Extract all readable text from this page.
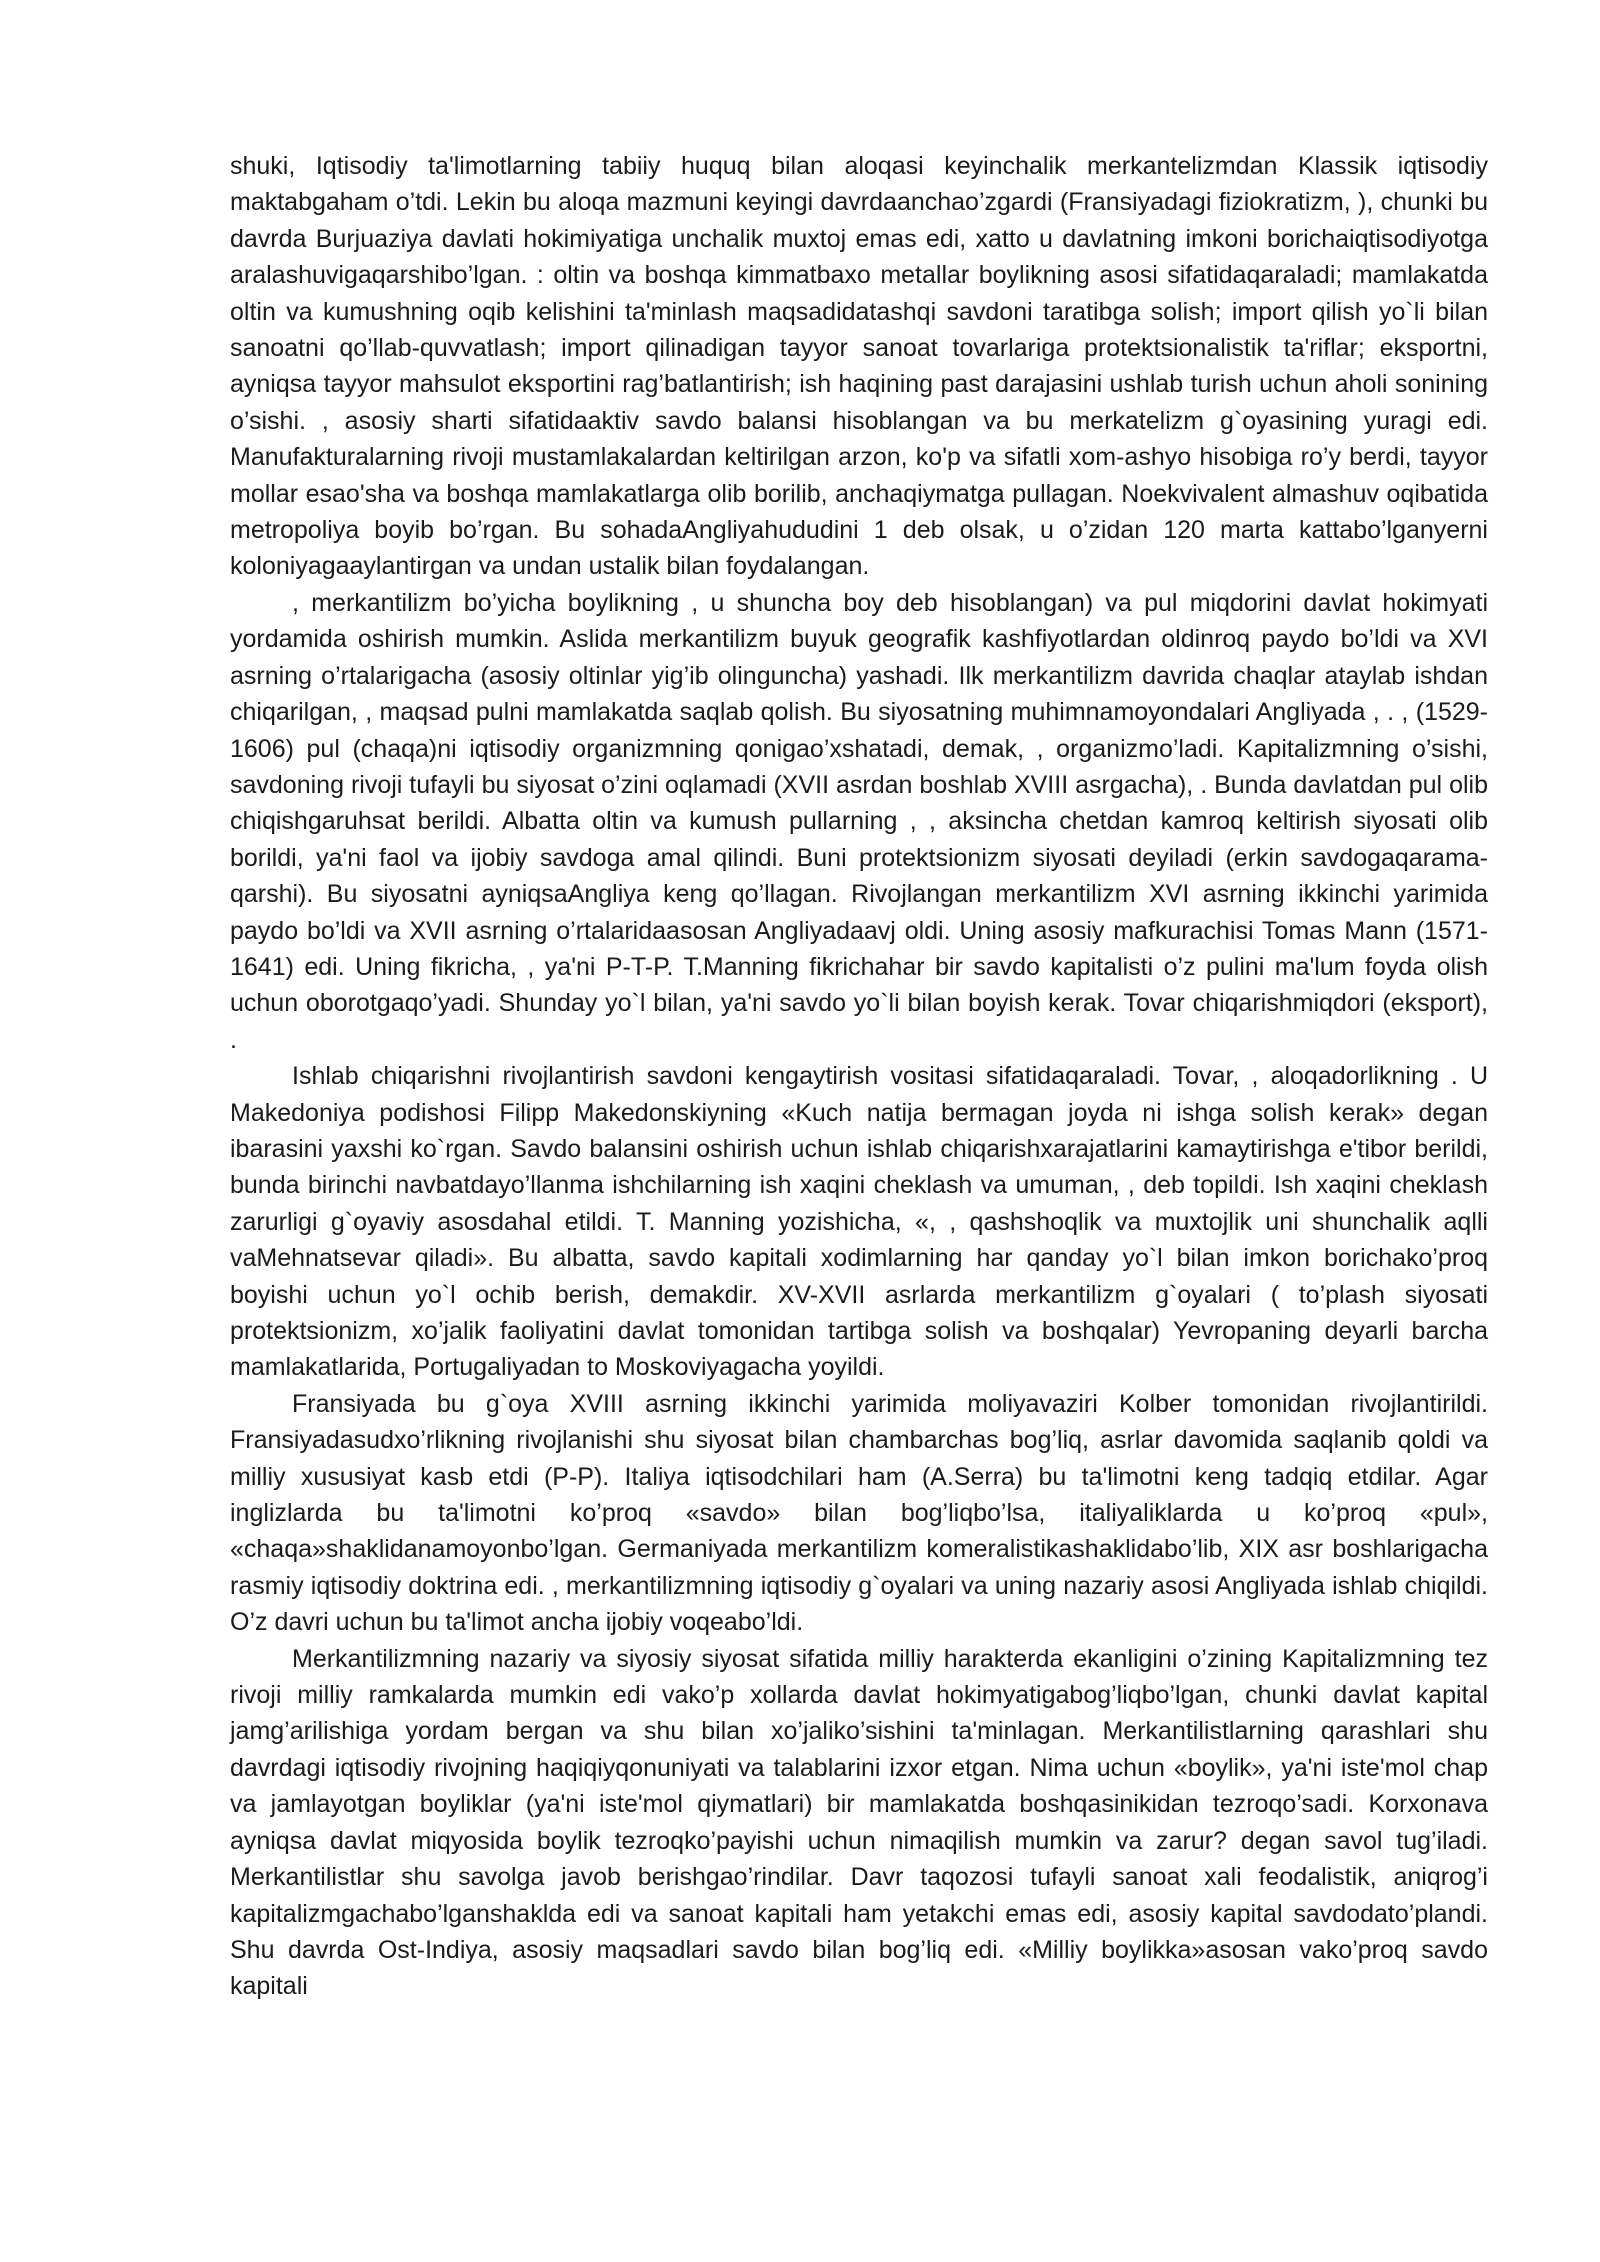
shuki, Iqtisodiy ta'limotlarning tabiiy huquq bilan aloqasi keyinchalik merkantelizmdan Klassik iqtisodiy maktabgaham o’tdi. Lekin bu aloqa mazmuni keyingi davrdaanchao’zgardi (Fransiyadagi fiziokratizm, ), chunki bu davrda Burjuaziya davlati hokimiyatiga unchalik muxtoj emas edi, xatto u davlatning imkoni borichaiqtisodiyotga aralashuvigaqarshibo’lgan. : oltin va boshqa kimmatbaxo metallar boylikning asosi sifatidaqaraladi; mamlakatda oltin va kumushning oqib kelishini ta'minlash maqsadidatashqi savdoni taratibga solish; import qilish yo`li bilan sanoatni qo’llab-quvvatlash; import qilinadigan tayyor sanoat tovarlariga protektsionalistik ta'riflar; eksportni, ayniqsa tayyor mahsulot eksportini rag’batlantirish; ish haqining past darajasini ushlab turish uchun aholi sonining o’sishi. , asosiy sharti sifatidaaktiv savdo balansi hisoblangan va bu merkatelizm g`oyasining yuragi edi. Manufakturalarning rivoji mustamlakalardan keltirilgan arzon, ko'p va sifatli xom-ashyo hisobiga ro’y berdi, tayyor mollar esao'sha va boshqa mamlakatlarga olib borilib, anchaqiymatga pullagan. Noekvivalent almashuv oqibatida metropoliya boyib bo’rgan. Bu sohadaAngliyahududini 1 deb olsak, u o’zidan 120 marta kattabo’lganyerni koloniyagaaylantirgan va undan ustalik bilan foydalangan.

, merkantilizm bo’yicha boylikning , u shuncha boy deb hisoblangan) va pul miqdorini davlat hokimyati yordamida oshirish mumkin. Aslida merkantilizm buyuk geografik kashfiyotlardan oldinroq paydo bo’ldi va XVI asrning o’rtalarigacha (asosiy oltinlar yig’ib olinguncha) yashadi. Ilk merkantilizm davrida chaqlar ataylab ishdan chiqarilgan, , maqsad pulni mamlakatda saqlab qolish. Bu siyosatning muhimnamoyondalari Angliyada , . , (1529-1606) pul (chaqa)ni iqtisodiy organizmning qonigao’xshatadi, demak, , organizmo’ladi. Kapitalizmning o’sishi, savdoning rivoji tufayli bu siyosat o’zini oqlamadi (XVII asrdan boshlab XVIII asrgacha), . Bunda davlatdan pul olib chiqishgaruhsat berildi. Albatta oltin va kumush pullarning , , aksincha chetdan kamroq keltirish siyosati olib borildi, ya'ni faol va ijobiy savdoga amal qilindi. Buni protektsionizm siyosati deyiladi (erkin savdogaqarama-qarshi). Bu siyosatni ayniqsaAngliya keng qo’llagan. Rivojlangan merkantilizm XVI asrning ikkinchi yarimida paydo bo’ldi va XVII asrning o’rtalaridaasosan Angliyadaavj oldi. Uning asosiy mafkurachisi Tomas Mann (1571-1641) edi. Uning fikricha, , ya'ni P-T-P. T.Manning fikrichahar bir savdo kapitalisti o’z pulini ma'lum foyda olish uchun oborotgaqo’yadi. Shunday yo`l bilan, ya'ni savdo yo`li bilan boyish kerak. Tovar chiqarishmiqdori (eksport), .

Ishlab chiqarishni rivojlantirish savdoni kengaytirish vositasi sifatidaqaraladi. Tovar, , aloqadorlikning . U Makedoniya podishosi Filipp Makedonskiyning «Kuch natija bermagan joyda ni ishga solish kerak» degan ibarasini yaxshi ko`rgan. Savdo balansini oshirish uchun ishlab chiqarishxarajatlarini kamaytirishga e'tibor berildi, bunda birinchi navbatdayo’llanma ishchilarning ish xaqini cheklash va umuman, , deb topildi. Ish xaqini cheklash zarurligi g`oyaviy asosdahal etildi. T. Manning yozishicha, «, , qashshoqlik va muxtojlik uni shunchalik aqlli vaMehnatsevar qiladi». Bu albatta, savdo kapitali xodimlarning har qanday yo`l bilan imkon borichako’proq boyishi uchun yo`l ochib berish, demakdir. XV-XVII asrlarda merkantilizm g`oyalari ( to’plash siyosati protektsionizm, xo’jalik faoliyatini davlat tomonidan tartibga solish va boshqalar) Yevropaning deyarli barcha mamlakatlarida, Portugaliyadan to Moskoviyagacha yoyildi.

Fransiyada bu g`oya XVIII asrning ikkinchi yarimida moliyavaziri Kolber tomonidan rivojlantirildi. Fransiyadasudxo’rlikning rivojlanishi shu siyosat bilan chambarchas bog’liq, asrlar davomida saqlanib qoldi va milliy xususiyat kasb etdi (P-P). Italiya iqtisodchilari ham (A.Serra) bu ta'limotni keng tadqiq etdilar. Agar inglizlarda bu ta'limotni ko’proq «savdo» bilan bog’liqbo’lsa, italiyaliklarda u ko’proq «pul», «chaqa»shaklidanamoyonbo’lgan. Germaniyada merkantilizm komeralistikashaklidabo’lib, XIX asr boshlarigacha rasmiy iqtisodiy doktrina edi. , merkantilizmning iqtisodiy g`oyalari va uning nazariy asosi Angliyada ishlab chiqildi. O’z davri uchun bu ta'limot ancha ijobiy voqeabo’ldi.

Merkantilizmning nazariy va siyosiy siyosat sifatida milliy harakterda ekanligini o’zining Kapitalizmning tez rivoji milliy ramkalarda mumkin edi vako’p xollarda davlat hokimyatigabog’liqbo’lgan, chunki davlat kapital jamg’arilishiga yordam bergan va shu bilan xo’jaliko’sishini ta'minlagan. Merkantilistlarning qarashlari shu davrdagi iqtisodiy rivojning haqiqiyqonuniyati va talablarini izxor etgan. Nima uchun «boylik», ya'ni iste'mol chap va jamlayotgan boyliklar (ya'ni iste'mol qiymatlari) bir mamlakatda boshqasinikidan tezroqo’sadi. Korxonava ayniqsa davlat miqyosida boylik tezroqko’payishi uchun nimaqilish mumkin va zarur? degan savol tug’iladi. Merkantilistlar shu savolga javob berishgao’rindilar. Davr taqozosi tufayli sanoat xali feodalistik, aniqrog’i kapitalizmgachabo’lganshaklda edi va sanoat kapitali ham yetakchi emas edi, asosiy kapital savdodato’plandi. Shu davrda Ost-Indiya, asosiy maqsadlari savdo bilan bog’liq edi. «Milliy boylikka»asosan vako’proq savdo kapitali
